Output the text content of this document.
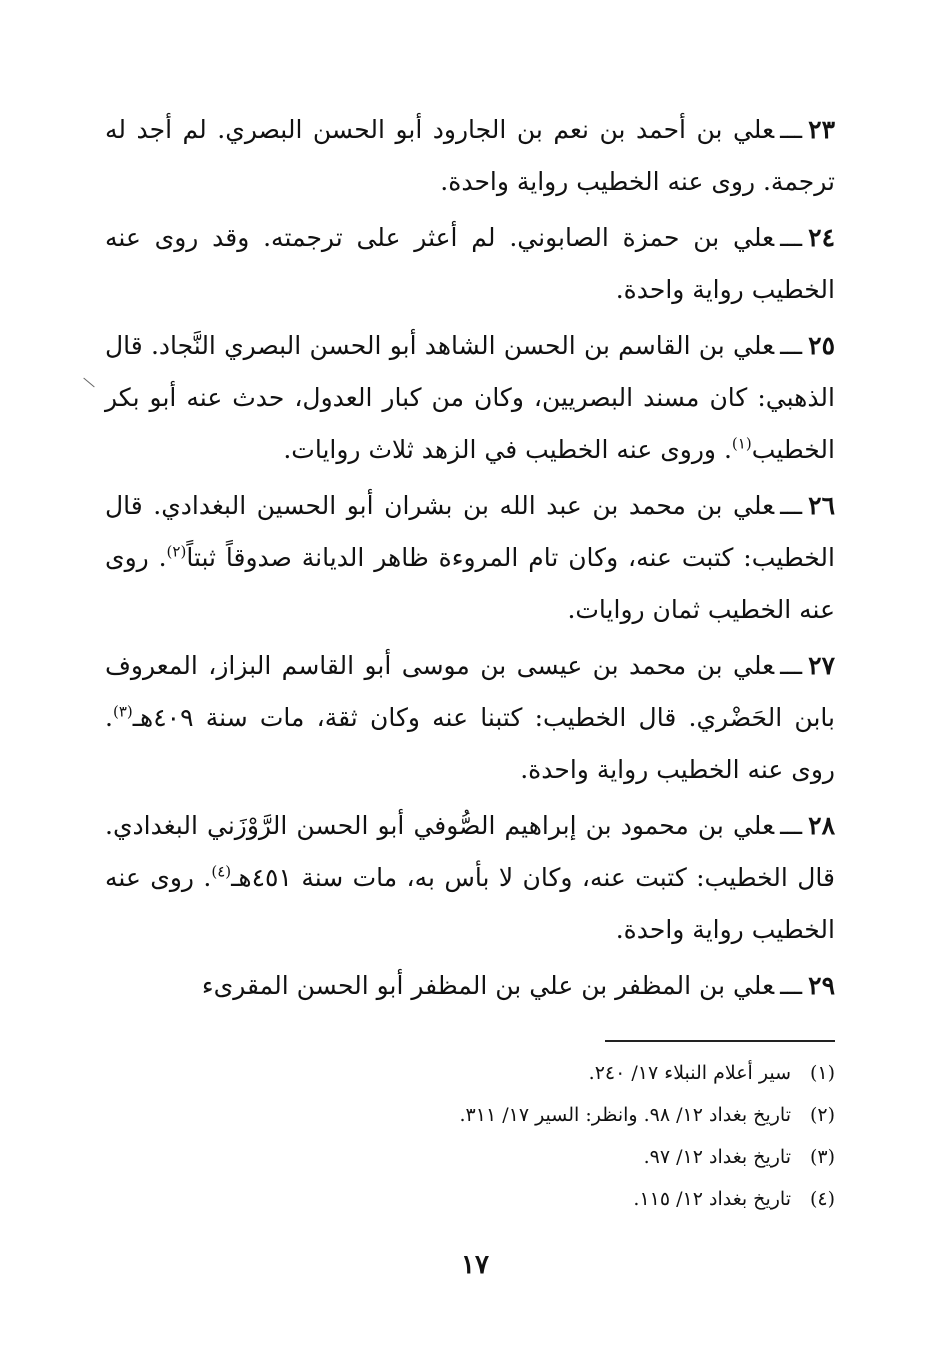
٢٣ـــعلي بن أحمد بن نعم بن الجارود أبو الحسن البصري. لم أجد له ترجمة. روى عنه الخطيب رواية واحدة.

٢٤ـــعلي بن حمزة الصابوني. لم أعثر على ترجمته. وقد روى عنه الخطيب رواية واحدة.

٢٥ـــعلي بن القاسم بن الحسن الشاهد أبو الحسن البصري النَّجاد. قال الذهبي: كان مسند البصريين، وكان من كبار العدول، حدث عنه أبو بكر الخطيب$^{(١)}$. وروى عنه الخطيب في الزهد ثلاث روايات.

٢٦ـــعلي بن محمد بن عبد الله بن بشران أبو الحسين البغدادي. قال الخطيب: كتبت عنه، وكان تام المروءة ظاهر الديانة صدوقاً ثبتاً$^{(٢)}$. روى عنه الخطيب ثمان روايات.

٢٧ـــعلي بن محمد بن عيسى بن موسى أبو القاسم البزاز، المعروف بابن الحَضْري. قال الخطيب: كتبنا عنه وكان ثقة، مات سنة ٤٠٩هـ$^{(٣)}$. روى عنه الخطيب رواية واحدة.

٢٨ـــعلي بن محمود بن إبراهيم الصُّوفي أبو الحسن الرَّوْزَني البغدادي. قال الخطيب: كتبت عنه، وكان لا بأس به، مات سنة ٤٥١هـ$^{(٤)}$. روى عنه الخطيب رواية واحدة.

٢٩ـــعلي بن المظفر بن علي بن المظفر أبو الحسن المقرىء

(١)سير أعلام النبلاء ١٧/ ٢٤٠.
(٢)تاريخ بغداد ١٢/ ٩٨. وانظر: السير ١٧/ ٣١١.
(٣)تاريخ بغداد ١٢/ ٩٧.
(٤)تاريخ بغداد ١٢/ ١١٥.
١٧
